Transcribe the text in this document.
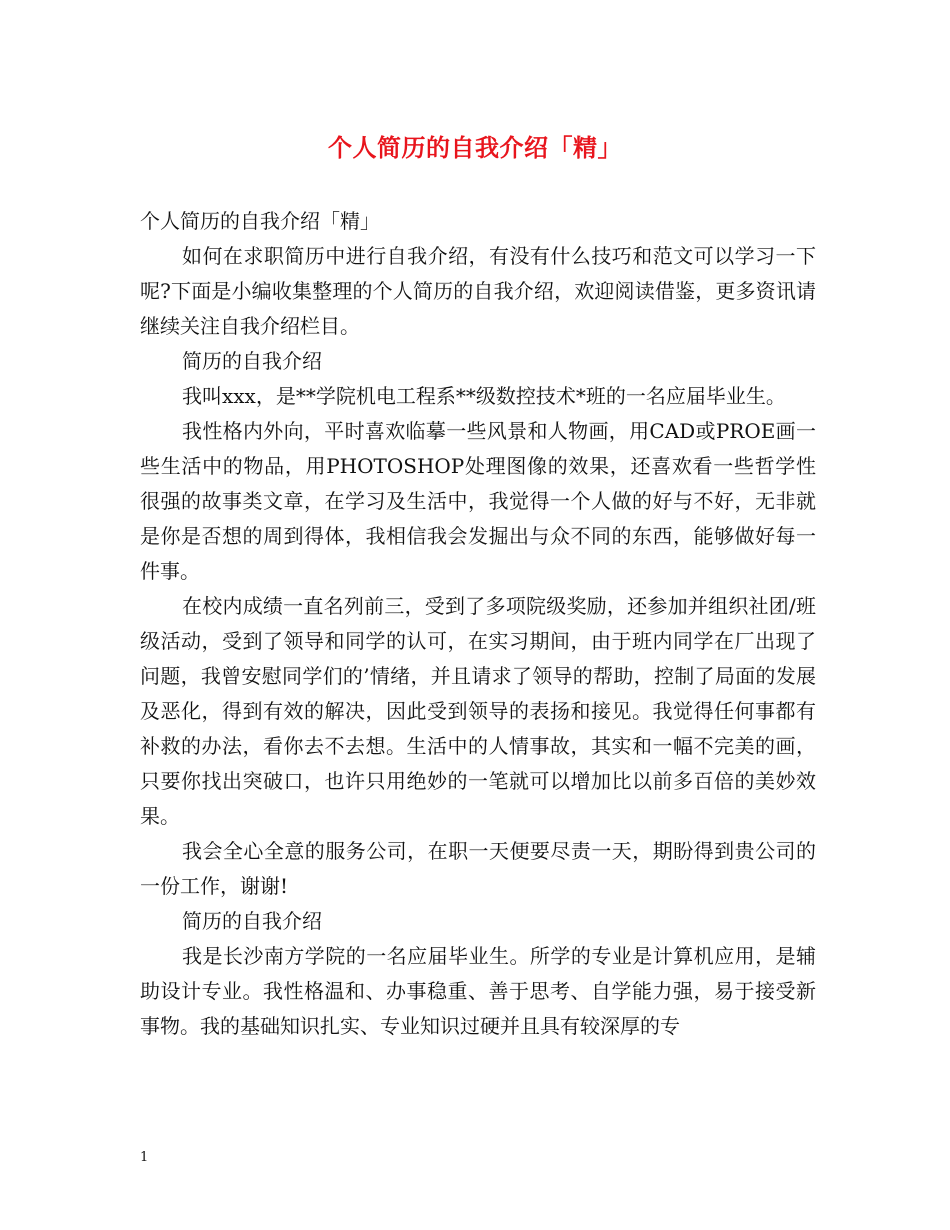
个人简历的自我介绍「精」

个人简历的自我介绍「精」

如何在求职简历中进行自我介绍，有没有什么技巧和范文可以学习一下呢?下面是小编收集整理的个人简历的自我介绍，欢迎阅读借鉴，更多资讯请继续关注自我介绍栏目。

简历的自我介绍

我叫xxx，是**学院机电工程系**级数控技术*班的一名应届毕业生。

我性格内外向，平时喜欢临摹一些风景和人物画，用CAD或PROE画一些生活中的物品，用PHOTOSHOP处理图像的效果，还喜欢看一些哲学性很强的故事类文章，在学习及生活中，我觉得一个人做的好与不好，无非就是你是否想的周到得体，我相信我会发掘出与众不同的东西，能够做好每一件事。

在校内成绩一直名列前三，受到了多项院级奖励，还参加并组织社团/班级活动，受到了领导和同学的认可，在实习期间，由于班内同学在厂出现了问题，我曾安慰同学们的’情绪，并且请求了领导的帮助，控制了局面的发展及恶化，得到有效的解决，因此受到领导的表扬和接见。我觉得任何事都有补救的办法，看你去不去想。生活中的人情事故，其实和一幅不完美的画，只要你找出突破口，也许只用绝妙的一笔就可以增加比以前多百倍的美妙效果。

我会全心全意的服务公司，在职一天便要尽责一天，期盼得到贵公司的一份工作，谢谢!

简历的自我介绍

我是长沙南方学院的一名应届毕业生。所学的专业是计算机应用，是辅助设计专业。我性格温和、办事稳重、善于思考、自学能力强，易于接受新事物。我的基础知识扎实、专业知识过硬并且具有较深厚的专

1
